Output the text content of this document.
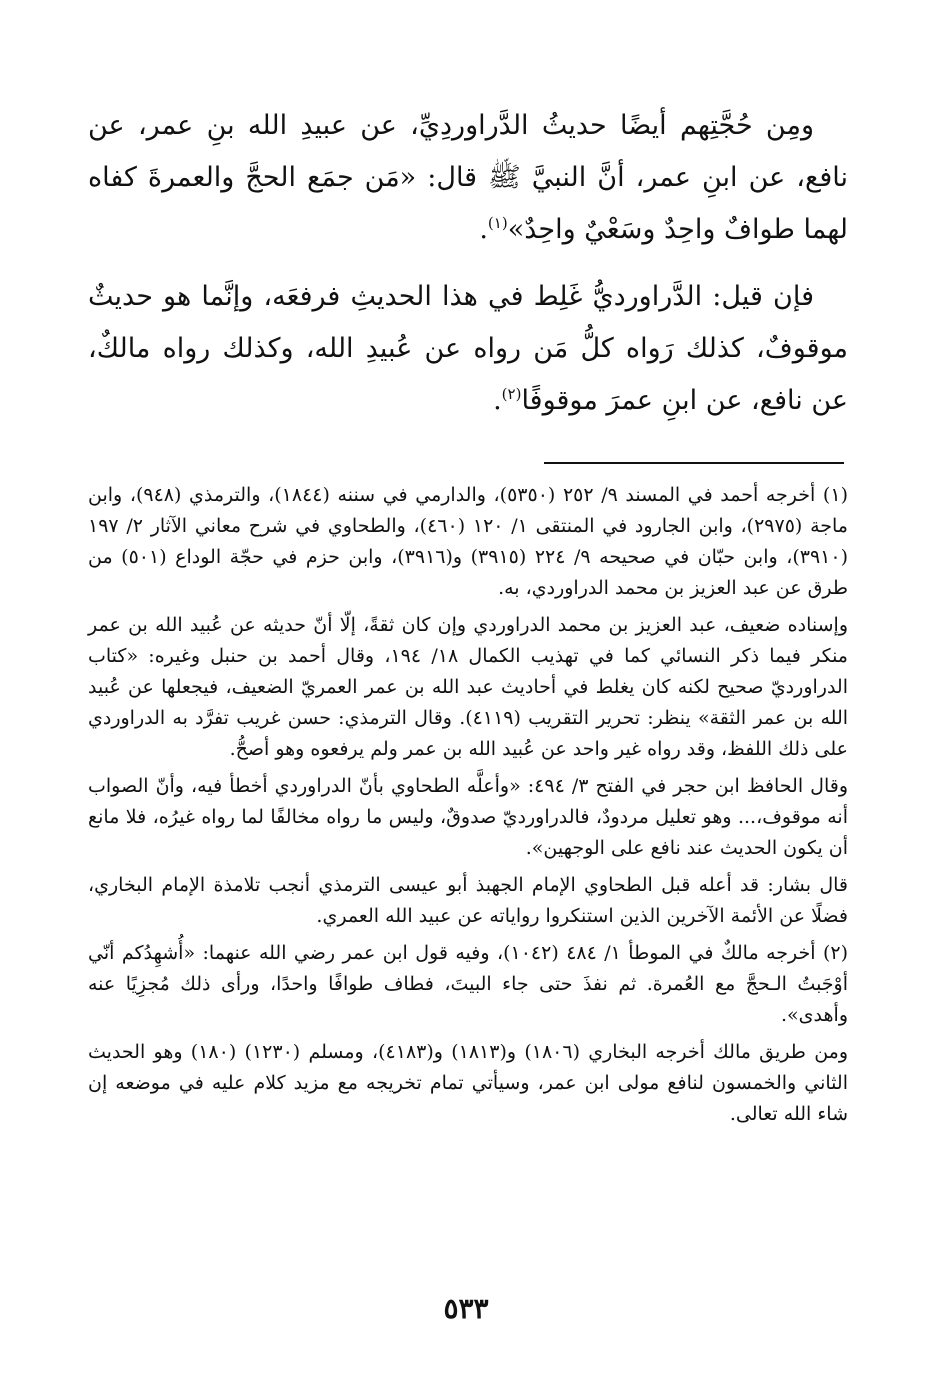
ومِن حُجَّتِهم أيضًا حديثُ الدَّراوردِيِّ، عن عبيدِ الله بنِ عمر، عن نافع، عن ابنِ عمر، أنَّ النبيَّ ﷺ قال: «مَن جمَع الحجَّ والعمرةَ كفاه لهما طوافٌ واحِدٌ وسَعْيٌ واحِدٌ»$^{(١)}$.

فإن قيل: الدَّراورديُّ غَلِط في هذا الحديثِ فرفعَه، وإنَّما هو حديثٌ موقوفٌ، كذلك رَواه كلُّ مَن رواه عن عُبيدِ الله، وكذلك رواه مالكٌ، عن نافع، عن ابنِ عمرَ موقوفًا$^{(٢)}$.

(١) أخرجه أحمد في المسند ٩/ ٢٥٢ (٥٣٥٠)، والدارمي في سننه (١٨٤٤)، والترمذي (٩٤٨)، وابن ماجة (٢٩٧٥)، وابن الجارود في المنتقى ١/ ١٢٠ (٤٦٠)، والطحاوي في شرح معاني الآثار ٢/ ١٩٧ (٣٩١٠)، وابن حبّان في صحيحه ٩/ ٢٢٤ (٣٩١٥) و(٣٩١٦)، وابن حزم في حجّة الوداع (٥٠١) من طرق عن عبد العزيز بن محمد الدراوردي، به.

وإسناده ضعيف، عبد العزيز بن محمد الدراوردي وإن كان ثقةً، إلّا أنّ حديثه عن عُبيد الله بن عمر منكر فيما ذكر النسائي كما في تهذيب الكمال ١٨/ ١٩٤، وقال أحمد بن حنبل وغيره: «كتاب الدراورديّ صحيح لكنه كان يغلط في أحاديث عبد الله بن عمر العمريّ الضعيف، فيجعلها عن عُبيد الله بن عمر الثقة» ينظر: تحرير التقريب (٤١١٩). وقال الترمذي: حسن غريب تفرَّد به الدراوردي على ذلك اللفظ، وقد رواه غير واحد عن عُبيد الله بن عمر ولم يرفعوه وهو أصحُّ.

وقال الحافظ ابن حجر في الفتح ٣/ ٤٩٤: «وأعلَّه الطحاوي بأنّ الدراوردي أخطأ فيه، وأنّ الصواب أنه موقوف،... وهو تعليل مردودٌ، فالدراورديّ صدوقٌ، وليس ما رواه مخالفًا لما رواه غيرُه، فلا مانع أن يكون الحديث عند نافع على الوجهين».

قال بشار: قد أعله قبل الطحاوي الإمام الجهبذ أبو عيسى الترمذي أنجب تلامذة الإمام البخاري، فضلًا عن الأئمة الآخرين الذين استنكروا رواياته عن عبيد الله العمري.

(٢) أخرجه مالكٌ في الموطأ ١/ ٤٨٤ (١٠٤٢)، وفيه قول ابن عمر رضي الله عنهما: «أُشهِدُكم أنّي أوْجَبتُ الـحجَّ مع العُمرة. ثم نفذَ حتى جاء البيتَ، فطاف طوافًا واحدًا، ورأى ذلك مُجزِيًا عنه وأهدى».

ومن طريق مالك أخرجه البخاري (١٨٠٦) و(١٨١٣) و(٤١٨٣)، ومسلم (١٢٣٠) (١٨٠) وهو الحديث الثاني والخمسون لنافع مولى ابن عمر، وسيأتي تمام تخريجه مع مزيد كلام عليه في موضعه إن شاء الله تعالى.

٥٣٣
